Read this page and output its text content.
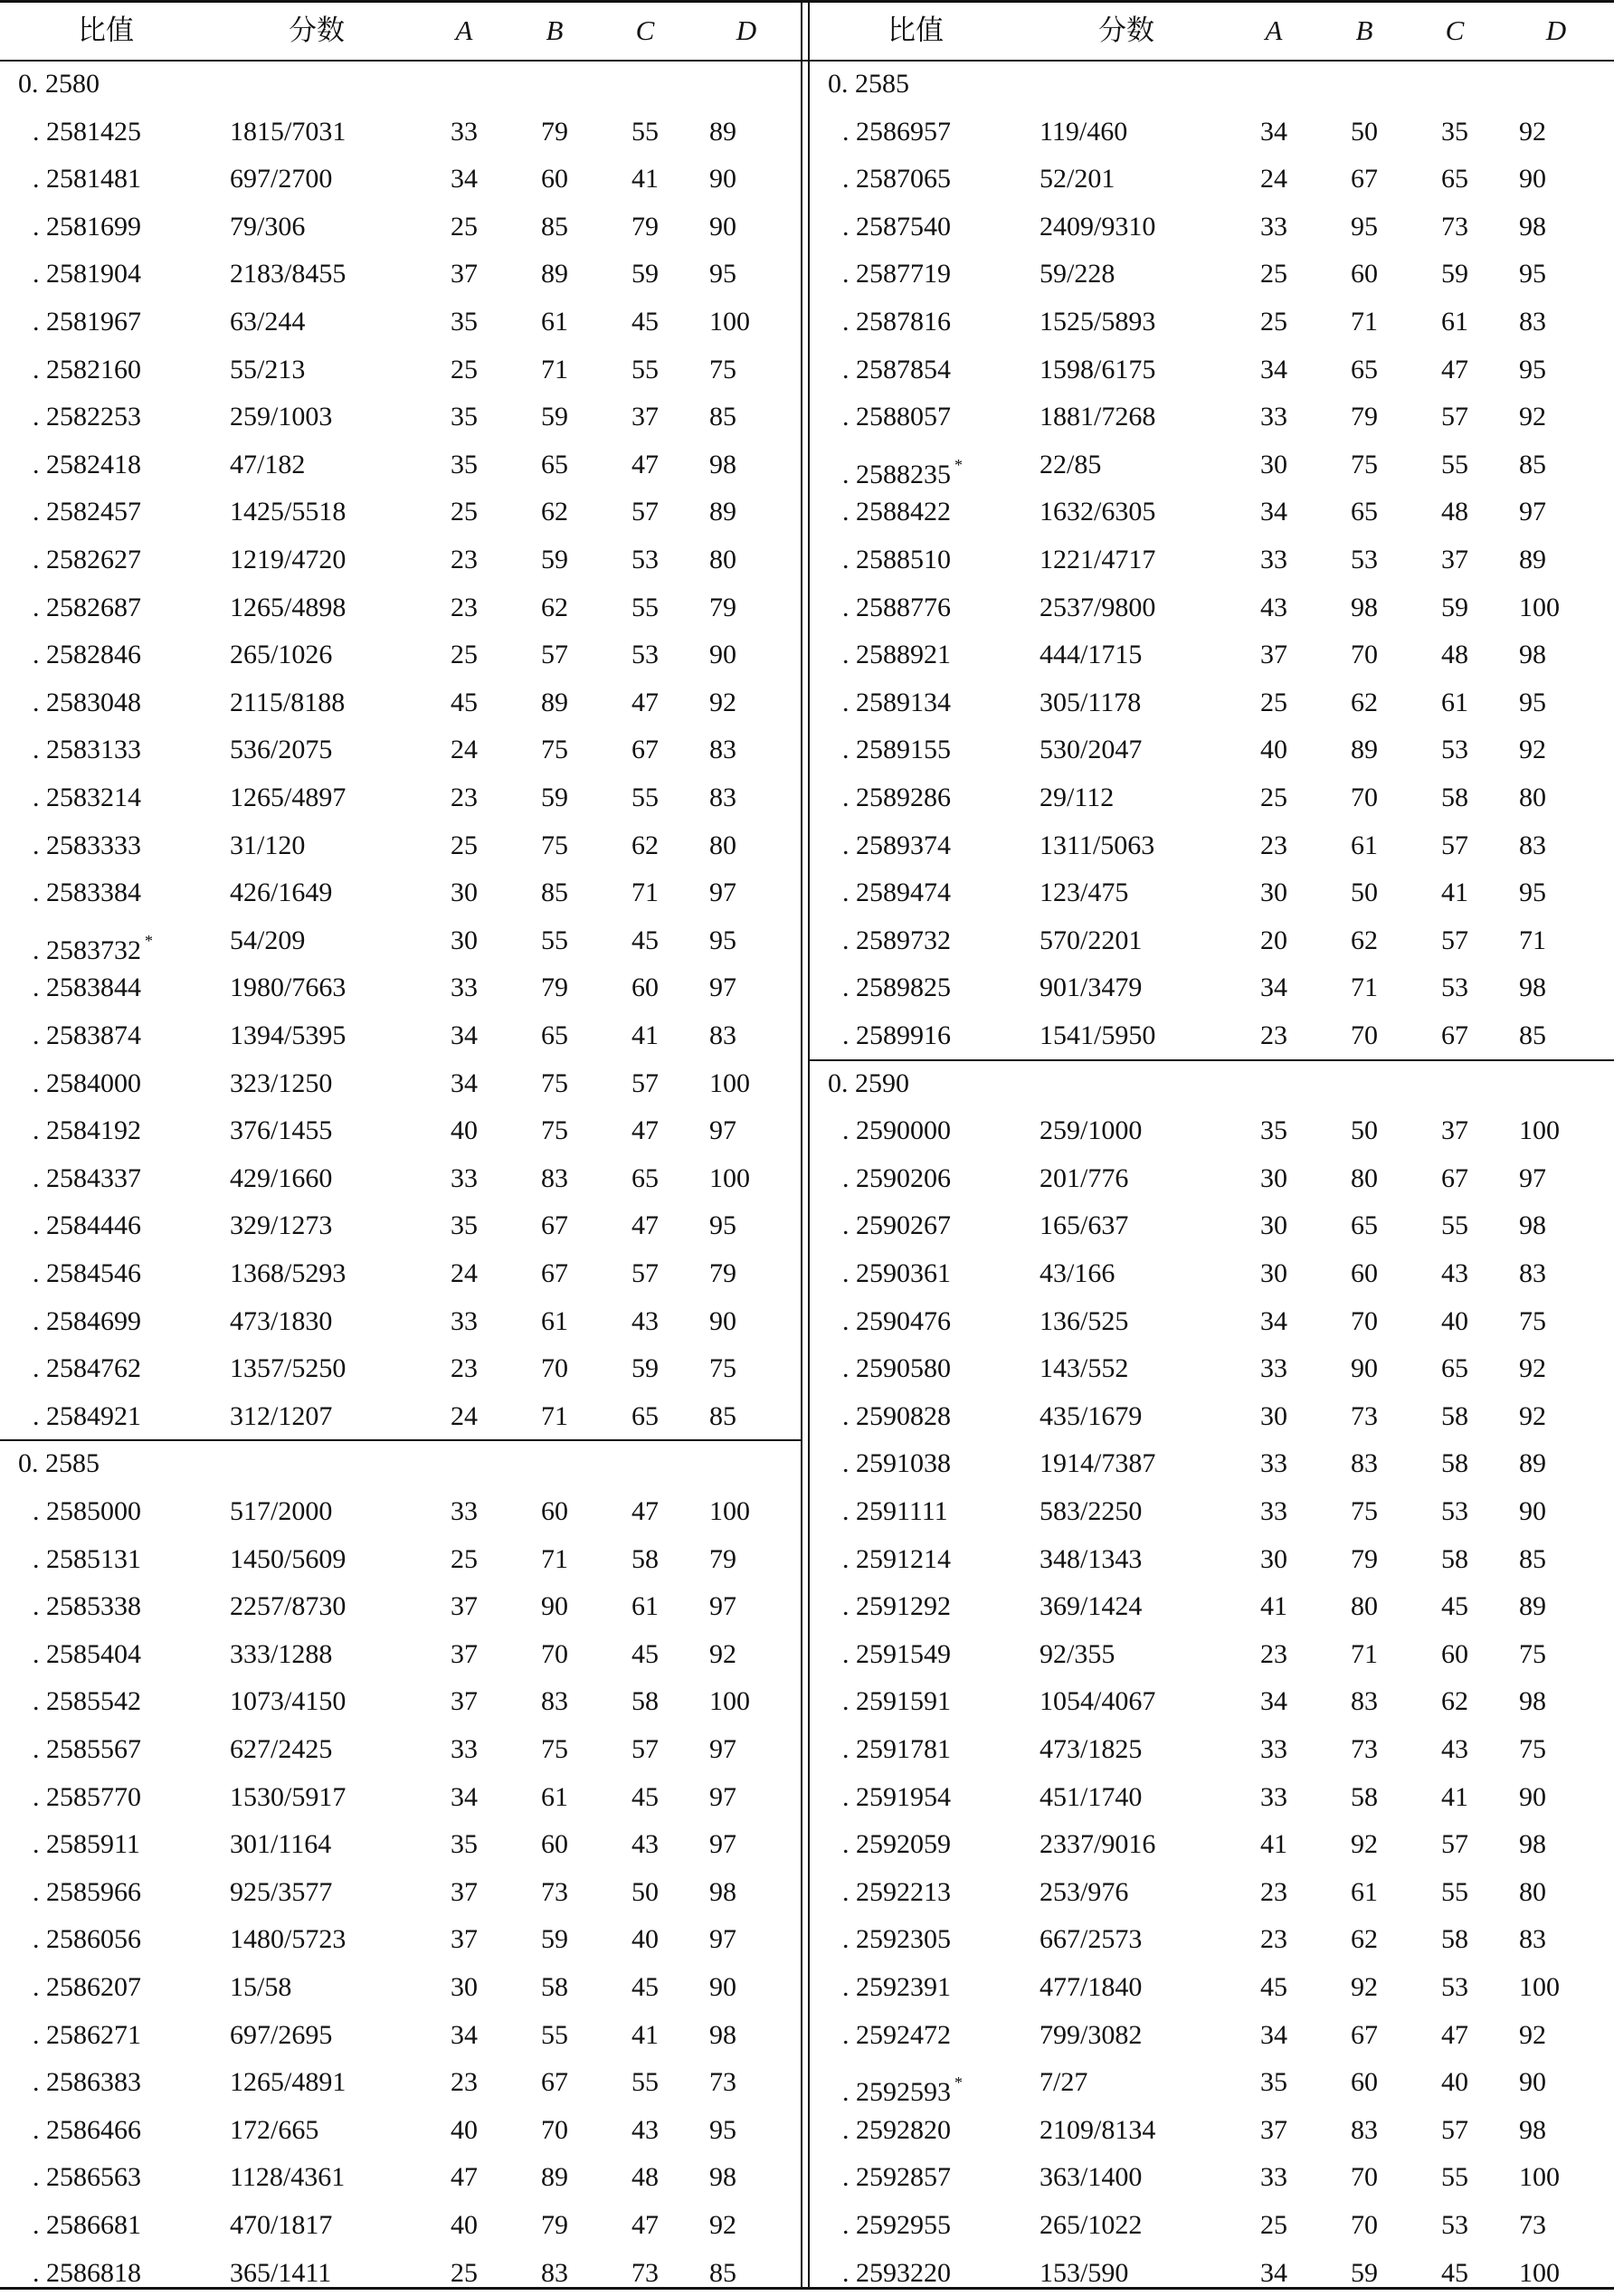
比值	分数	A	B	C	D
0. 2580
. 2581425	1815/7031	33 79 55 89
. 2581481	697/2700	34 60 41 90
. 2581699	79/306	25 85 79 90
. 2581904	2183/8455	37 89 59 95
. 2581967	63/244	35 61 45 100
. 2582160	55/213	25 71 55 75
. 2582253	259/1003	35 59 37 85
. 2582418	47/182	35 65 47 98
. 2582457	1425/5518	25 62 57 89
. 2582627	1219/4720	23 59 53 80
. 2582687	1265/4898	23 62 55 79
. 2582846	265/1026	25 57 53 90
. 2583048	2115/8188	45 89 47 92
. 2583133	536/2075	24 75 67 83
. 2583214	1265/4897	23 59 55 83
. 2583333	31/120	25 75 62 80
. 2583384	426/1649	30 85 71 97
. 2583732 *	54/209	30 55 45 95
. 2583844	1980/7663	33 79 60 97
. 2583874	1394/5395	34 65 41 83
. 2584000	323/1250	34 75 57 100
. 2584192	376/1455	40 75 47 97
. 2584337	429/1660	33 83 65 100
. 2584446	329/1273	35 67 47 95
. 2584546	1368/5293	24 67 57 79
. 2584699	473/1830	33 61 43 90
. 2584762	1357/5250	23 70 59 75
. 2584921	312/1207	24 71 65 85
0. 2585
. 2585000	517/2000	33 60 47 100
. 2585131	1450/5609	25 71 58 79
. 2585338	2257/8730	37 90 61 97
. 2585404	333/1288	37 70 45 92
. 2585542	1073/4150	37 83 58 100
. 2585567	627/2425	33 75 57 97
. 2585770	1530/5917	34 61 45 97
. 2585911	301/1164	35 60 43 97
. 2585966	925/3577	37 73 50 98
. 2586056	1480/5723	37 59 40 97
. 2586207	15/58	30 58 45 90
. 2586271	697/2695	34 55 41 98
. 2586383	1265/4891	23 67 55 73
. 2586466	172/665	40 70 43 95
. 2586563	1128/4361	47 89 48 98
. 2586681	470/1817	40 79 47 92
. 2586818	365/1411	25 83 73 85
比值	分数	A	B	C	D
0. 2585
. 2586957	119/460	34 50 35 92
. 2587065	52/201	24 67 65 90
. 2587540	2409/9310	33 95 73 98
. 2587719	59/228	25 60 59 95
. 2587816	1525/5893	25 71 61 83
. 2587854	1598/6175	34 65 47 95
. 2588057	1881/7268	33 79 57 92
. 2588235 *	22/85	30 75 55 85
. 2588422	1632/6305	34 65 48 97
. 2588510	1221/4717	33 53 37 89
. 2588776	2537/9800	43 98 59 100
. 2588921	444/1715	37 70 48 98
. 2589134	305/1178	25 62 61 95
. 2589155	530/2047	40 89 53 92
. 2589286	29/112	25 70 58 80
. 2589374	1311/5063	23 61 57 83
. 2589474	123/475	30 50 41 95
. 2589732	570/2201	20 62 57 71
. 2589825	901/3479	34 71 53 98
. 2589916	1541/5950	23 70 67 85
0. 2590
. 2590000	259/1000	35 50 37 100
. 2590206	201/776	30 80 67 97
. 2590267	165/637	30 65 55 98
. 2590361	43/166	30 60 43 83
. 2590476	136/525	34 70 40 75
. 2590580	143/552	33 90 65 92
. 2590828	435/1679	30 73 58 92
. 2591038	1914/7387	33 83 58 89
. 2591111	583/2250	33 75 53 90
. 2591214	348/1343	30 79 58 85
. 2591292	369/1424	41 80 45 89
. 2591549	92/355	23 71 60 75
. 2591591	1054/4067	34 83 62 98
. 2591781	473/1825	33 73 43 75
. 2591954	451/1740	33 58 41 90
. 2592059	2337/9016	41 92 57 98
. 2592213	253/976	23 61 55 80
. 2592305	667/2573	23 62 58 83
. 2592391	477/1840	45 92 53 100
. 2592472	799/3082	34 67 47 92
. 2592593 *	7/27	35 60 40 90
. 2592820	2109/8134	37 83 57 98
. 2592857	363/1400	33 70 55 100
. 2592955	265/1022	25 70 53 73
. 2593220	153/590	34 59 45 100
